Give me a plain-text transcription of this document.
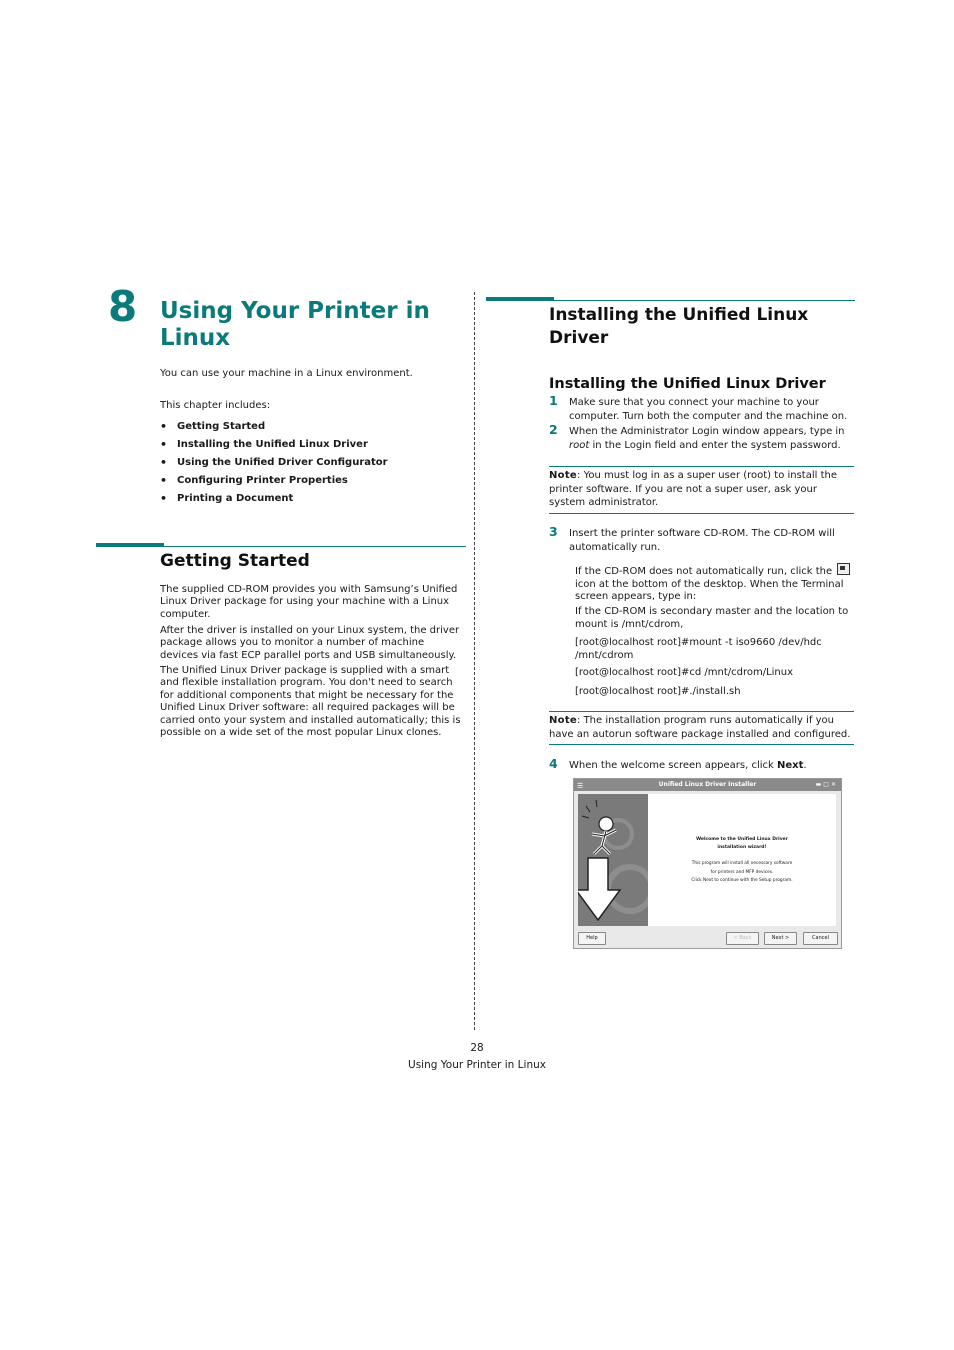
8 Using Your Printer in Linux
You can use your machine in a Linux environment.
This chapter includes:
• Getting Started
• Installing the Unified Linux Driver
• Using the Unified Driver Configurator
• Configuring Printer Properties
• Printing a Document
Getting Started
The supplied CD-ROM provides you with Samsung’s Unified Linux Driver package for using your machine with a Linux computer.
After the driver is installed on your Linux system, the driver package allows you to monitor a number of machine devices via fast ECP parallel ports and USB simultaneously.
The Unified Linux Driver package is supplied with a smart and flexible installation program. You don't need to search for additional components that might be necessary for the Unified Linux Driver software: all required packages will be carried onto your system and installed automatically; this is possible on a wide set of the most popular Linux clones.
Installing the Unified Linux Driver
Installing the Unified Linux Driver
1 Make sure that you connect your machine to your computer. Turn both the computer and the machine on.
2 When the Administrator Login window appears, type in root in the Login field and enter the system password.
Note: You must log in as a super user (root) to install the printer software. If you are not a super user, ask your system administrator.
3 Insert the printer software CD-ROM. The CD-ROM will automatically run.
If the CD-ROM does not automatically run, click the  icon at the bottom of the desktop. When the Terminal screen appears, type in:
If the CD-ROM is secondary master and the location to mount is /mnt/cdrom,
[root@localhost root]#mount -t iso9660 /dev/hdc /mnt/cdrom
[root@localhost root]#cd /mnt/cdrom/Linux
[root@localhost root]#./install.sh
Note: The installation program runs automatically if you have an autorun software package installed and configured.
4 When the welcome screen appears, click Next.
☰	Unified Linux Driver Installer	▬□✕
Welcome to the Unified Linux Driver
installation wizard!
This program will install all necessary software
for printers and MFP devices.
Click Next to continue with the Setup program.
Help	< Back	Next >	Cancel
28
Using Your Printer in Linux
